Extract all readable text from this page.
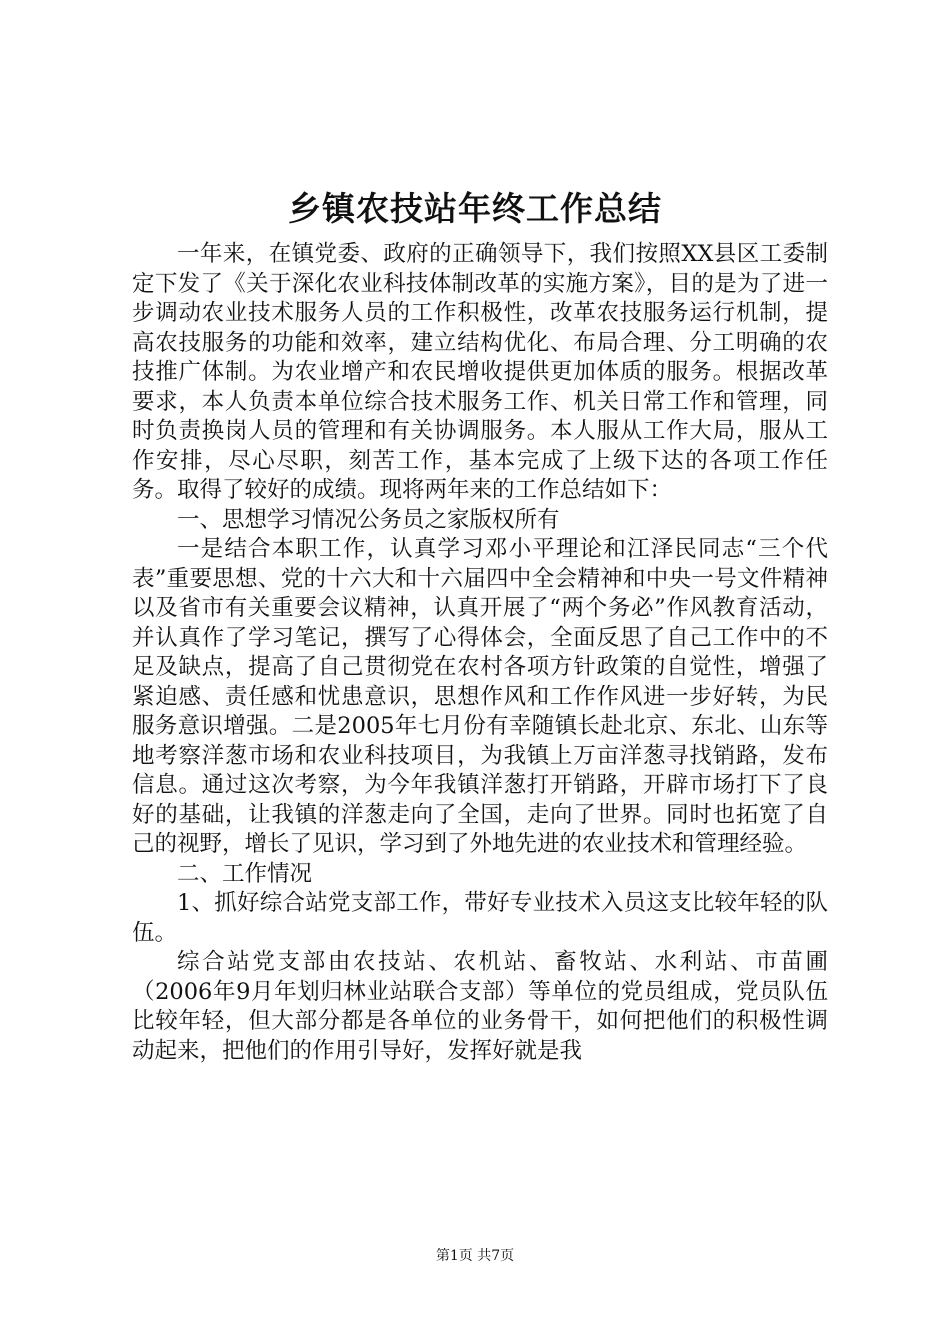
乡镇农技站年终工作总结

一年来，在镇党委、政府的正确领导下，我们按照XX县区工委制定下发了《关于深化农业科技体制改革的实施方案》，目的是为了进一步调动农业技术服务人员的工作积极性，改革农技服务运行机制，提高农技服务的功能和效率，建立结构优化、布局合理、分工明确的农技推广体制。为农业增产和农民增收提供更加体质的服务。根据改革要求，本人负责本单位综合技术服务工作、机关日常工作和管理，同时负责换岗人员的管理和有关协调服务。本人服从工作大局，服从工作安排，尽心尽职，刻苦工作，基本完成了上级下达的各项工作任务。取得了较好的成绩。现将两年来的工作总结如下：

一、思想学习情况公务员之家版权所有

一是结合本职工作，认真学习邓小平理论和江泽民同志“三个代表”重要思想、党的十六大和十六届四中全会精神和中央一号文件精神以及省市有关重要会议精神，认真开展了“两个务必”作风教育活动，并认真作了学习笔记，撰写了心得体会，全面反思了自己工作中的不足及缺点，提高了自己贯彻党在农村各项方针政策的自觉性，增强了紧迫感、责任感和忧患意识，思想作风和工作作风进一步好转，为民服务意识增强。二是2005年七月份有幸随镇长赴北京、东北、山东等地考察洋葱市场和农业科技项目，为我镇上万亩洋葱寻找销路，发布信息。通过这次考察，为今年我镇洋葱打开销路，开辟市场打下了良好的基础，让我镇的洋葱走向了全国，走向了世界。同时也拓宽了自己的视野，增长了见识，学习到了外地先进的农业技术和管理经验。

二、工作情况

1、抓好综合站党支部工作，带好专业技术入员这支比较年轻的队伍。

综合站党支部由农技站、农机站、畜牧站、水利站、市苗圃（2006年9月年划归林业站联合支部）等单位的党员组成，党员队伍比较年轻，但大部分都是各单位的业务骨干，如何把他们的积极性调动起来，把他们的作用引导好，发挥好就是我

第1页 共7页
